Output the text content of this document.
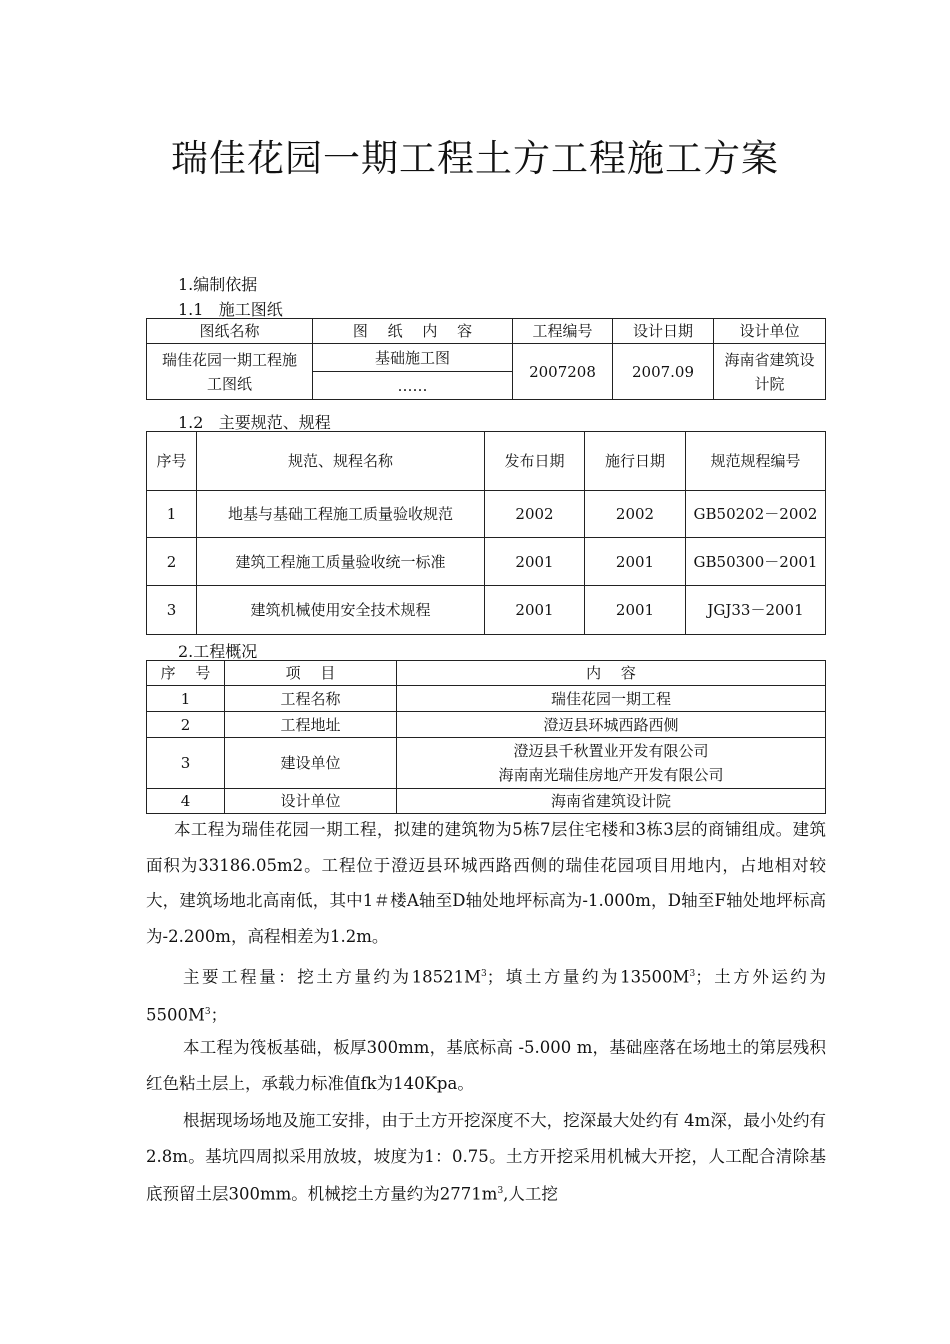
瑞佳花园一期工程土方工程施工方案
1.编制依据
1.1   施工图纸
图纸名称	图　 纸　 内　 容	工程编号	设计日期	设计单位
瑞佳花园一期工程施工图纸	基础施工图	2007208	2007.09	海南省建筑设计院
	……			
1.2   主要规范、规程
序号	规范、规程名称	发布日期	施行日期	规范规程编号
1	地基与基础工程施工质量验收规范	2002	2002	GB50202－2002
2	建筑工程施工质量验收统一标准	2001	2001	GB50300－2001
3	建筑机械使用安全技术规程	2001	2001	JGJ33－2001
2.工程概况
序　 号	项　 目	内　 容
1	工程名称	瑞佳花园一期工程
2	工程地址	澄迈县环城西路西侧
3	建设单位	澄迈县千秋置业开发有限公司
海南南光瑞佳房地产开发有限公司

4	设计单位	海南省建筑设计院

本工程为瑞佳花园一期工程，拟建的建筑物为5栋7层住宅楼和3栋3层的商铺组成。建筑面积为33186.05m2。工程位于澄迈县环城西路西侧的瑞佳花园项目用地内，占地相对较大，建筑场地北高南低，其中1＃楼A轴至D轴处地坪标高为-1.000m，D轴至F轴处地坪标高为-2.200m，高程相差为1.2m。

主要工程量：挖土方量约为$18521M^3$；填土方量约为$13500M^3$；土方外运约为$5500M^3$；

本工程为筏板基础，板厚300mm，基底标高 -5.000 m，基础座落在场地土的第层残积红色粘土层上，承载力标准值fk为140Kpa。

根据现场场地及施工安排，由于土方开挖深度不大，挖深最大处约有 4m深，最小处约有2.8m。基坑四周拟采用放坡，坡度为1：0.75。土方开挖采用机械大开挖，人工配合清除基底预留土层300mm。机械挖土方量约为$2771m^3$,人工挖
